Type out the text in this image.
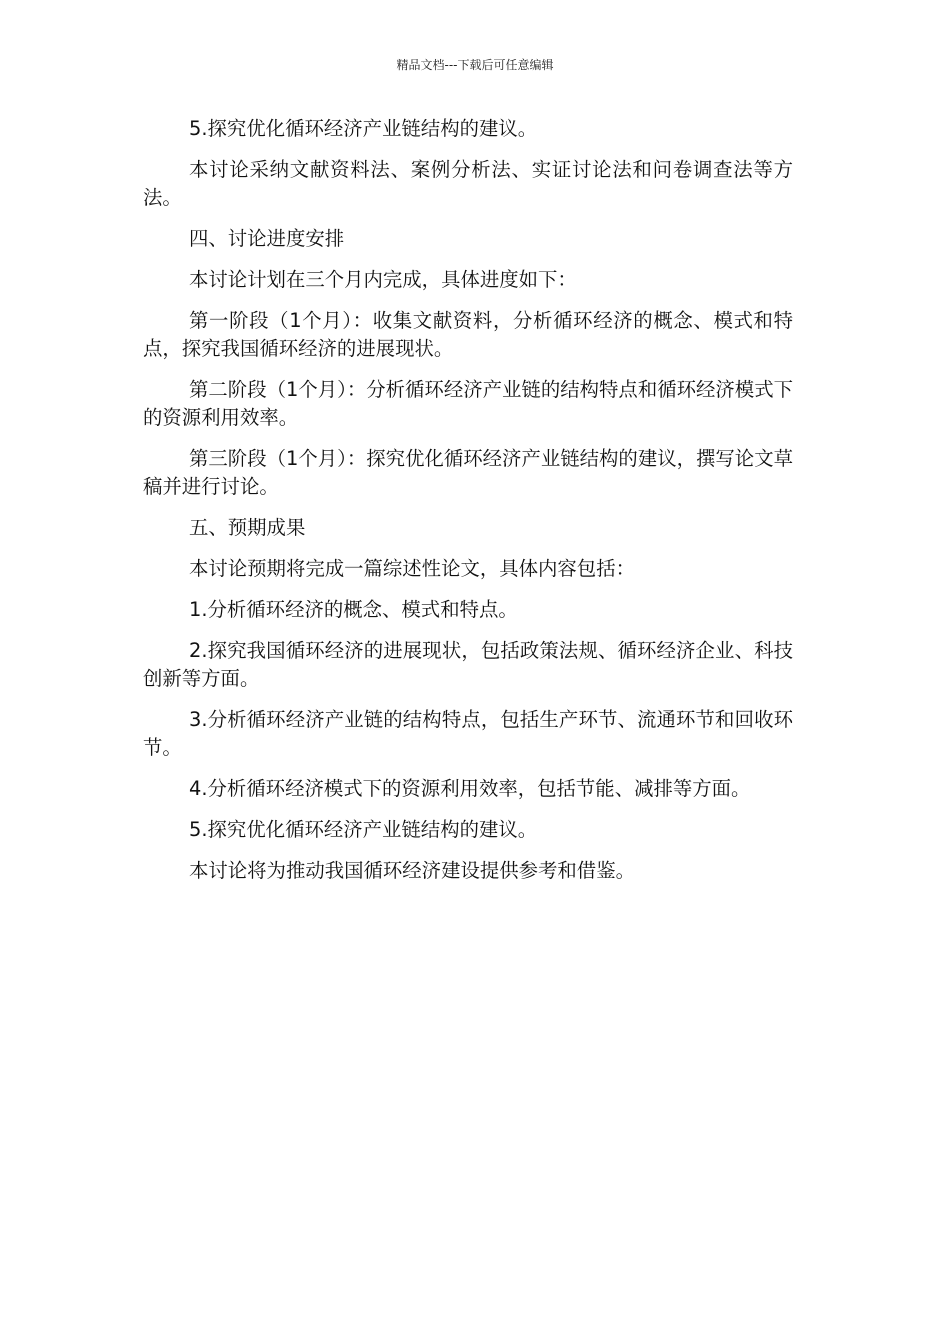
精品文档---下载后可任意编辑

5.探究优化循环经济产业链结构的建议。

本讨论采纳文献资料法、案例分析法、实证讨论法和问卷调查法等方法。

四、讨论进度安排

本讨论计划在三个月内完成，具体进度如下：

第一阶段（1个月）：收集文献资料，分析循环经济的概念、模式和特点，探究我国循环经济的进展现状。

第二阶段（1个月）：分析循环经济产业链的结构特点和循环经济模式下的资源利用效率。

第三阶段（1个月）：探究优化循环经济产业链结构的建议，撰写论文草稿并进行讨论。

五、预期成果

本讨论预期将完成一篇综述性论文，具体内容包括：

1.分析循环经济的概念、模式和特点。

2.探究我国循环经济的进展现状，包括政策法规、循环经济企业、科技创新等方面。

3.分析循环经济产业链的结构特点，包括生产环节、流通环节和回收环节。

4.分析循环经济模式下的资源利用效率，包括节能、减排等方面。

5.探究优化循环经济产业链结构的建议。

本讨论将为推动我国循环经济建设提供参考和借鉴。
